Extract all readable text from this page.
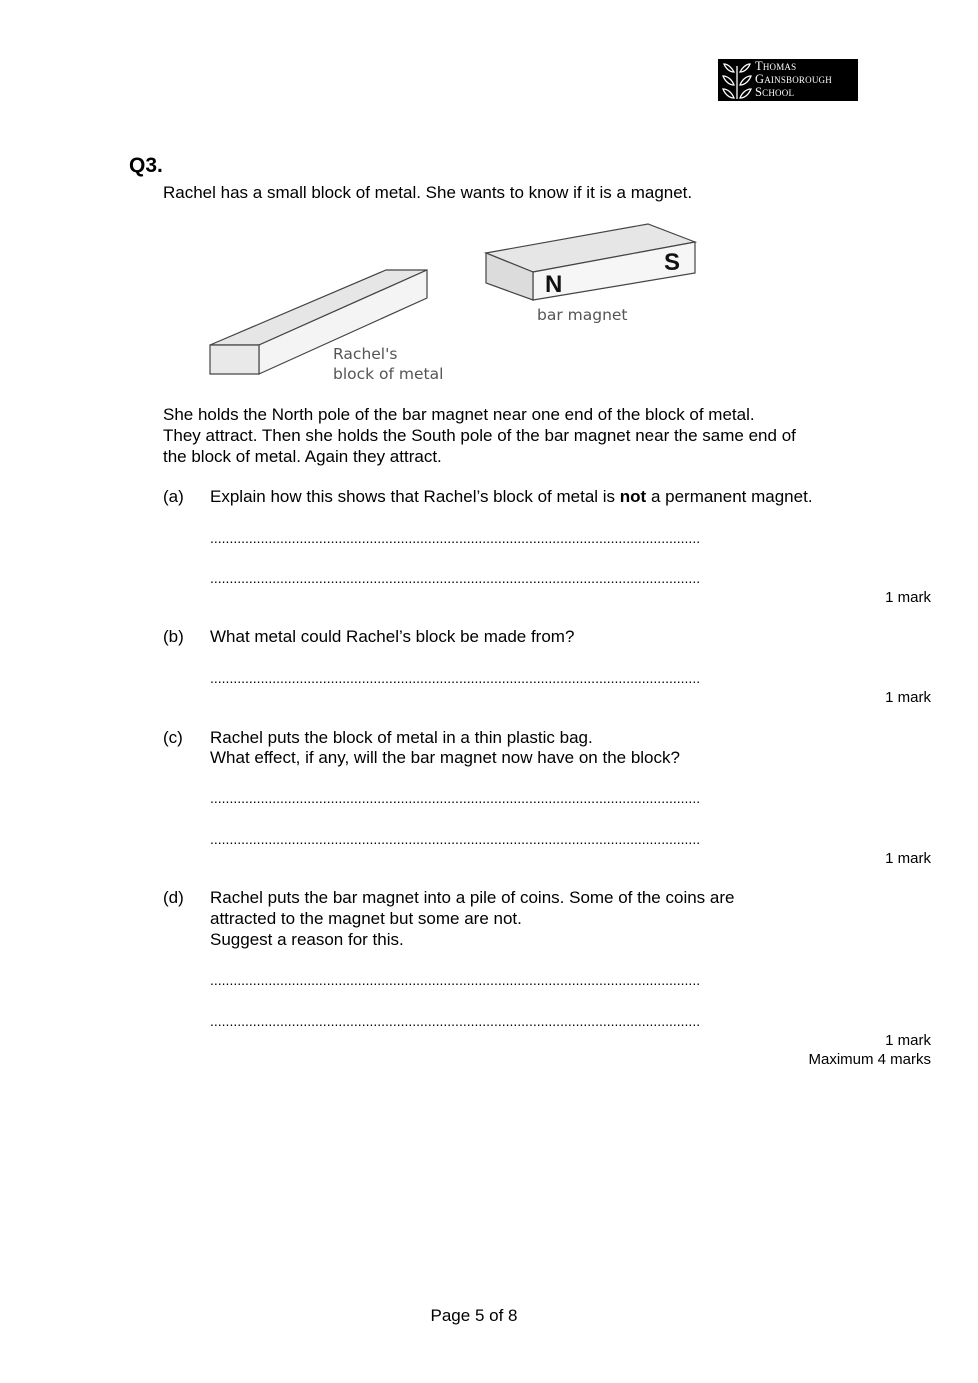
Thomas
Gainsborough
School
Q3.
Rachel has a small block of metal. She wants to know if it is a magnet.
Rachel's
block of metal
N
S
bar magnet
She holds the North pole of the bar magnet near one end of the block of metal.
They attract. Then she holds the South pole of the bar magnet near the same end of
the block of metal. Again they attract.
(a) Explain how this shows that Rachel’s block of metal is not a permanent magnet.
..............................................................................................................................
..............................................................................................................................
1 mark
(b) What metal could Rachel’s block be made from?
..............................................................................................................................
1 mark
(c) Rachel puts the block of metal in a thin plastic bag.
What effect, if any, will the bar magnet now have on the block?
..............................................................................................................................
..............................................................................................................................
1 mark
(d) Rachel puts the bar magnet into a pile of coins. Some of the coins are
attracted to the magnet but some are not.
Suggest a reason for this.
..............................................................................................................................
..............................................................................................................................
1 mark
Maximum 4 marks
Page 5 of 8
